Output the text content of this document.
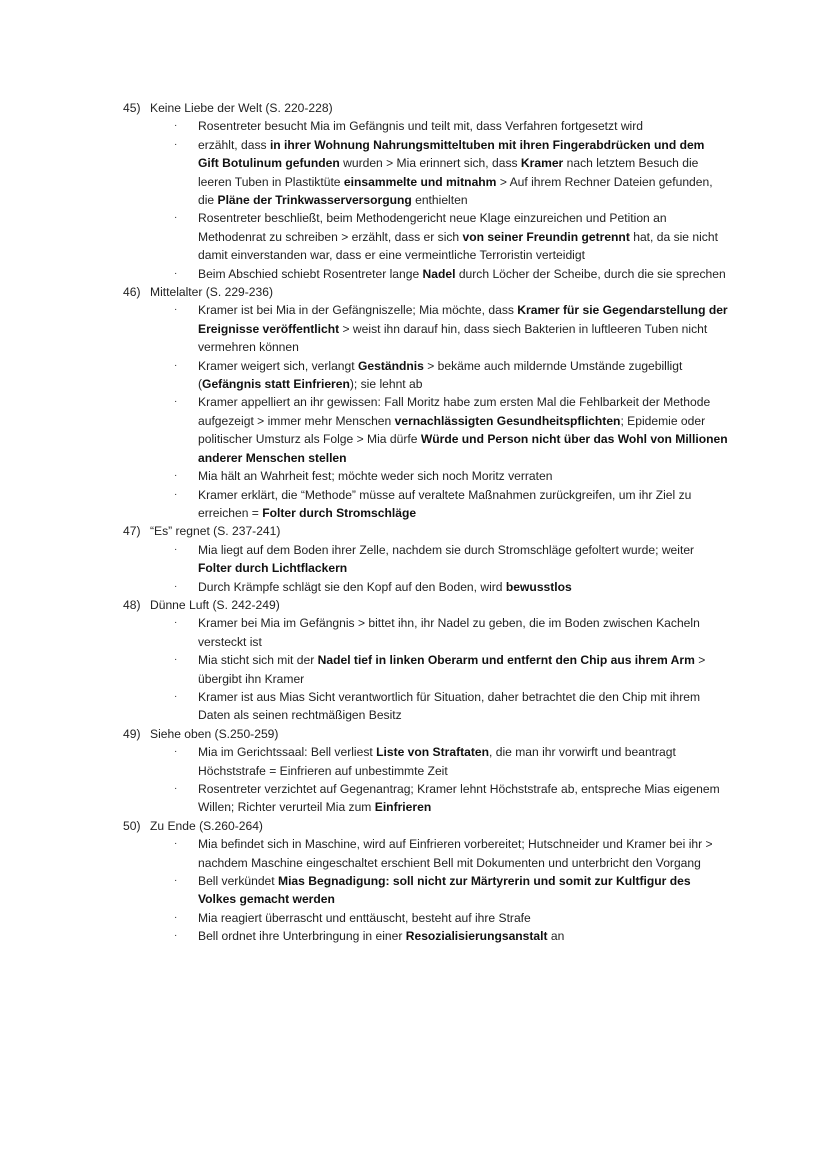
45) Keine Liebe der Welt (S. 220-228)
·	Rosentreter besucht Mia im Gefängnis und teilt mit, dass Verfahren fortgesetzt wird
·	erzählt, dass in ihrer Wohnung Nahrungsmitteltuben mit ihren Fingerabdrücken und dem Gift Botulinum gefunden wurden > Mia erinnert sich, dass Kramer nach letztem Besuch die leeren Tuben in Plastiktüte einsammelte und mitnahm > Auf ihrem Rechner Dateien gefunden, die Pläne der Trinkwasserversorgung enthielten
·	Rosentreter beschließt, beim Methodengericht neue Klage einzureichen und Petition an Methodenrat zu schreiben > erzählt, dass er sich von seiner Freundin getrennt hat, da sie nicht damit einverstanden war, dass er eine vermeintliche Terroristin verteidigt
·	Beim Abschied schiebt Rosentreter lange Nadel durch Löcher der Scheibe, durch die sie sprechen
46) Mittelalter (S. 229-236)
·	Kramer ist bei Mia in der Gefängniszelle; Mia möchte, dass Kramer für sie Gegendarstellung der Ereignisse veröffentlicht > weist ihn darauf hin, dass siech Bakterien in luftleeren Tuben nicht vermehren können
·	Kramer weigert sich, verlangt Geständnis > bekäme auch mildernde Umstände zugebilligt (Gefängnis statt Einfrieren); sie lehnt ab
·	Kramer appelliert an ihr gewissen: Fall Moritz habe zum ersten Mal die Fehlbarkeit der Methode aufgezeigt > immer mehr Menschen vernachlässigten Gesundheitspflichten; Epidemie oder politischer Umsturz als Folge > Mia dürfe Würde und Person nicht über das Wohl von Millionen anderer Menschen stellen
·	Mia hält an Wahrheit fest; möchte weder sich noch Moritz verraten
·	Kramer erklärt, die “Methode” müsse auf veraltete Maßnahmen zurückgreifen, um ihr Ziel zu erreichen = Folter durch Stromschläge
47) “Es” regnet (S. 237-241)
·	Mia liegt auf dem Boden ihrer Zelle, nachdem sie durch Stromschläge gefoltert wurde; weiter Folter durch Lichtflackern
·	Durch Krämpfe schlägt sie den Kopf auf den Boden, wird bewusstlos
48) Dünne Luft (S. 242-249)
·	Kramer bei Mia im Gefängnis > bittet ihn, ihr Nadel zu geben, die im Boden zwischen Kacheln versteckt ist
·	Mia sticht sich mit der Nadel tief in linken Oberarm und entfernt den Chip aus ihrem Arm > übergibt ihn Kramer
·	Kramer ist aus Mias Sicht verantwortlich für Situation, daher betrachtet die den Chip mit ihrem Daten als seinen rechtmäßigen Besitz
49) Siehe oben (S.250-259)
·	Mia im Gerichtssaal: Bell verliest Liste von Straftaten, die man ihr vorwirft und beantragt Höchststrafe = Einfrieren auf unbestimmte Zeit
·	Rosentreter verzichtet auf Gegenantrag; Kramer lehnt Höchststrafe ab, entspreche Mias eigenem Willen; Richter verurteil Mia zum Einfrieren
50) Zu Ende (S.260-264)
·	Mia befindet sich in Maschine, wird auf Einfrieren vorbereitet; Hutschneider und Kramer bei ihr > nachdem Maschine eingeschaltet erschient Bell mit Dokumenten und unterbricht den Vorgang
·	Bell verkündet Mias Begnadigung: soll nicht zur Märtyrerin und somit zur Kultfigur des Volkes gemacht werden
·	Mia reagiert überrascht und enttäuscht, besteht auf ihre Strafe
·	Bell ordnet ihre Unterbringung in einer Resozialisierungsanstalt an
